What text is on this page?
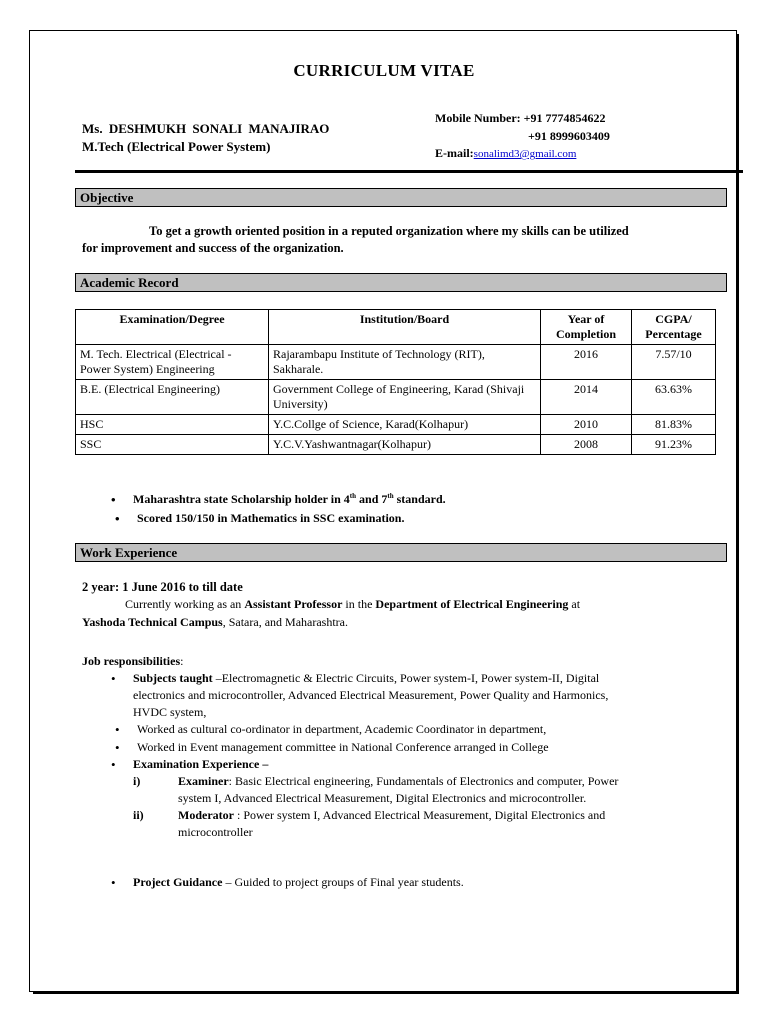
CURRICULUM VITAE
Ms. DESHMUKH SONALI MANAJIRAO
M.Tech (Electrical Power System)
Mobile Number: +91 7774854622
+91 8999603409
E-mail:sonalimd3@gmail.com
Objective
To get a growth oriented position in a reputed organization where my skills can be utilized
for improvement and success of the organization.
Academic Record
Examination/Degree	Institution/Board	Year of Completion	CGPA/ Percentage
M. Tech. Electrical (Electrical - Power System) Engineering	Rajarambapu Institute of Technology (RIT), Sakharale.	2016	7.57/10
B.E. (Electrical Engineering)	Government College of Engineering, Karad (Shivaji University)	2014	63.63%
HSC	Y.C.Collge of Science, Karad(Kolhapur)	2010	81.83%
SSC	Y.C.V.Yashwantnagar(Kolhapur)	2008	91.23%
• Maharashtra state Scholarship holder in 4th and 7th standard.
• Scored 150/150 in Mathematics in SSC examination.
Work Experience
2 year: 1 June 2016 to till date
Currently working as an Assistant Professor in the Department of Electrical Engineering at
Yashoda Technical Campus, Satara, and Maharashtra.
Job responsibilities:
• Subjects taught –Electromagnetic & Electric Circuits, Power system-I, Power system-II, Digital
electronics and microcontroller, Advanced Electrical Measurement, Power Quality and Harmonics,
HVDC system,
• Worked as cultural co-ordinator in department, Academic Coordinator in department,
• Worked in Event management committee in National Conference arranged in College
• Examination Experience –
i)	Examiner: Basic Electrical engineering, Fundamentals of Electronics and computer, Power
system I, Advanced Electrical Measurement, Digital Electronics and microcontroller.
ii)	Moderator : Power system I, Advanced Electrical Measurement, Digital Electronics and
microcontroller
• Project Guidance – Guided to project groups of Final year students.
